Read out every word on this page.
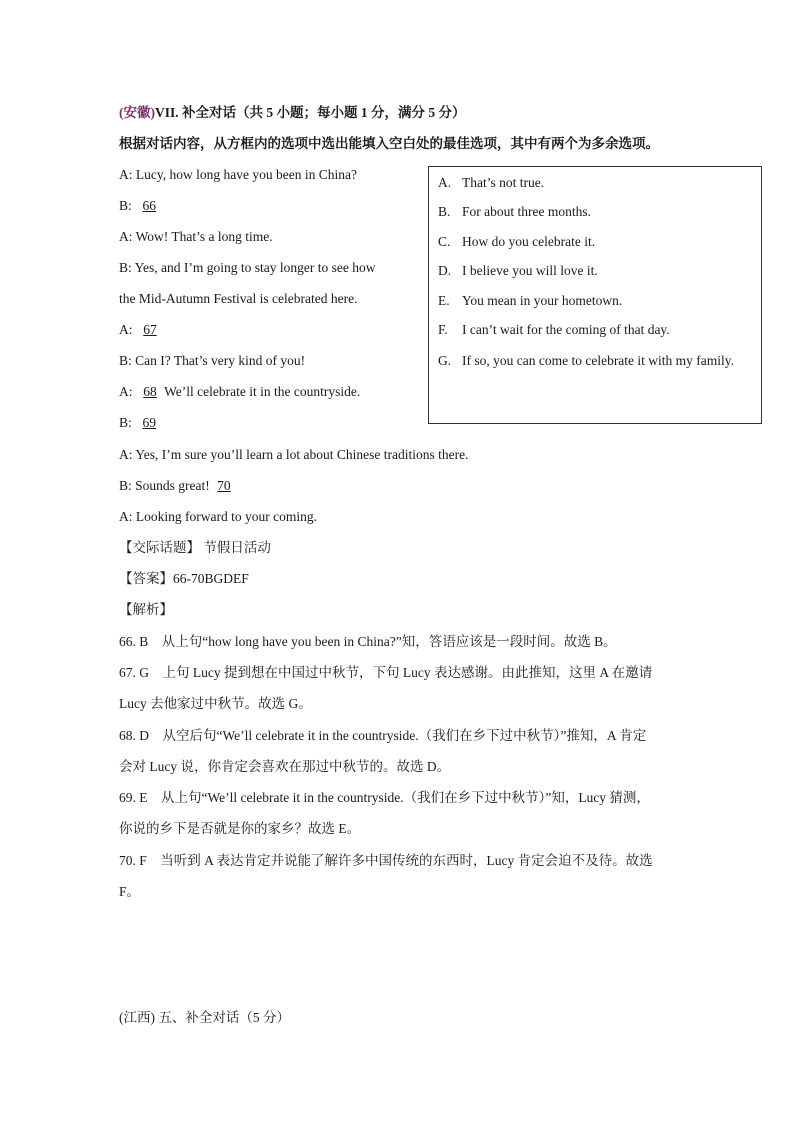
(安徽)VII. 补全对话（共 5 小题；每小题 1 分，满分 5 分）
根据对话内容，从方框内的选项中选出能填入空白处的最佳选项，其中有两个为多余选项。
A: Lucy, how long have you been in China?
B: 66
A: Wow! That’s a long time.
B: Yes, and I’m going to stay longer to see how
the Mid-Autumn Festival is celebrated here.
A: 67
B: Can I? That’s very kind of you!
A: 68 We’ll celebrate it in the countryside.
B: 69
A: Yes, I’m sure you’ll learn a lot about Chinese traditions there.
B: Sounds great! 70
A: Looking forward to your coming.
A. That’s not true.
B. For about three months.
C. How do you celebrate it.
D. I believe you will love it.
E. You mean in your hometown.
F.	I can’t wait for the coming of that day.
G. If so, you can come to celebrate it with my family.
【交际话题】 节假日活动
【答案】66-70BGDEF
【解析】
66. B　从上句“how long have you been in China?”知，答语应该是一段时间。故选 B。
67. G　上句 Lucy 提到想在中国过中秋节，下句 Lucy 表达感谢。由此推知，这里 A 在邀请
Lucy 去他家过中秋节。故选 G。
68. D　从空后句“We’ll celebrate it in the countryside.（我们在乡下过中秋节）”推知，A 肯定
会对 Lucy 说，你肯定会喜欢在那过中秋节的。故选 D。
69. E　从上句“We’ll celebrate it in the countryside.（我们在乡下过中秋节）”知，Lucy 猜测，
你说的乡下是否就是你的家乡？故选 E。
70. F　当听到 A 表达肯定并说能了解许多中国传统的东西时，Lucy 肯定会迫不及待。故选
F。
(江西) 五、补全对话（5 分）
